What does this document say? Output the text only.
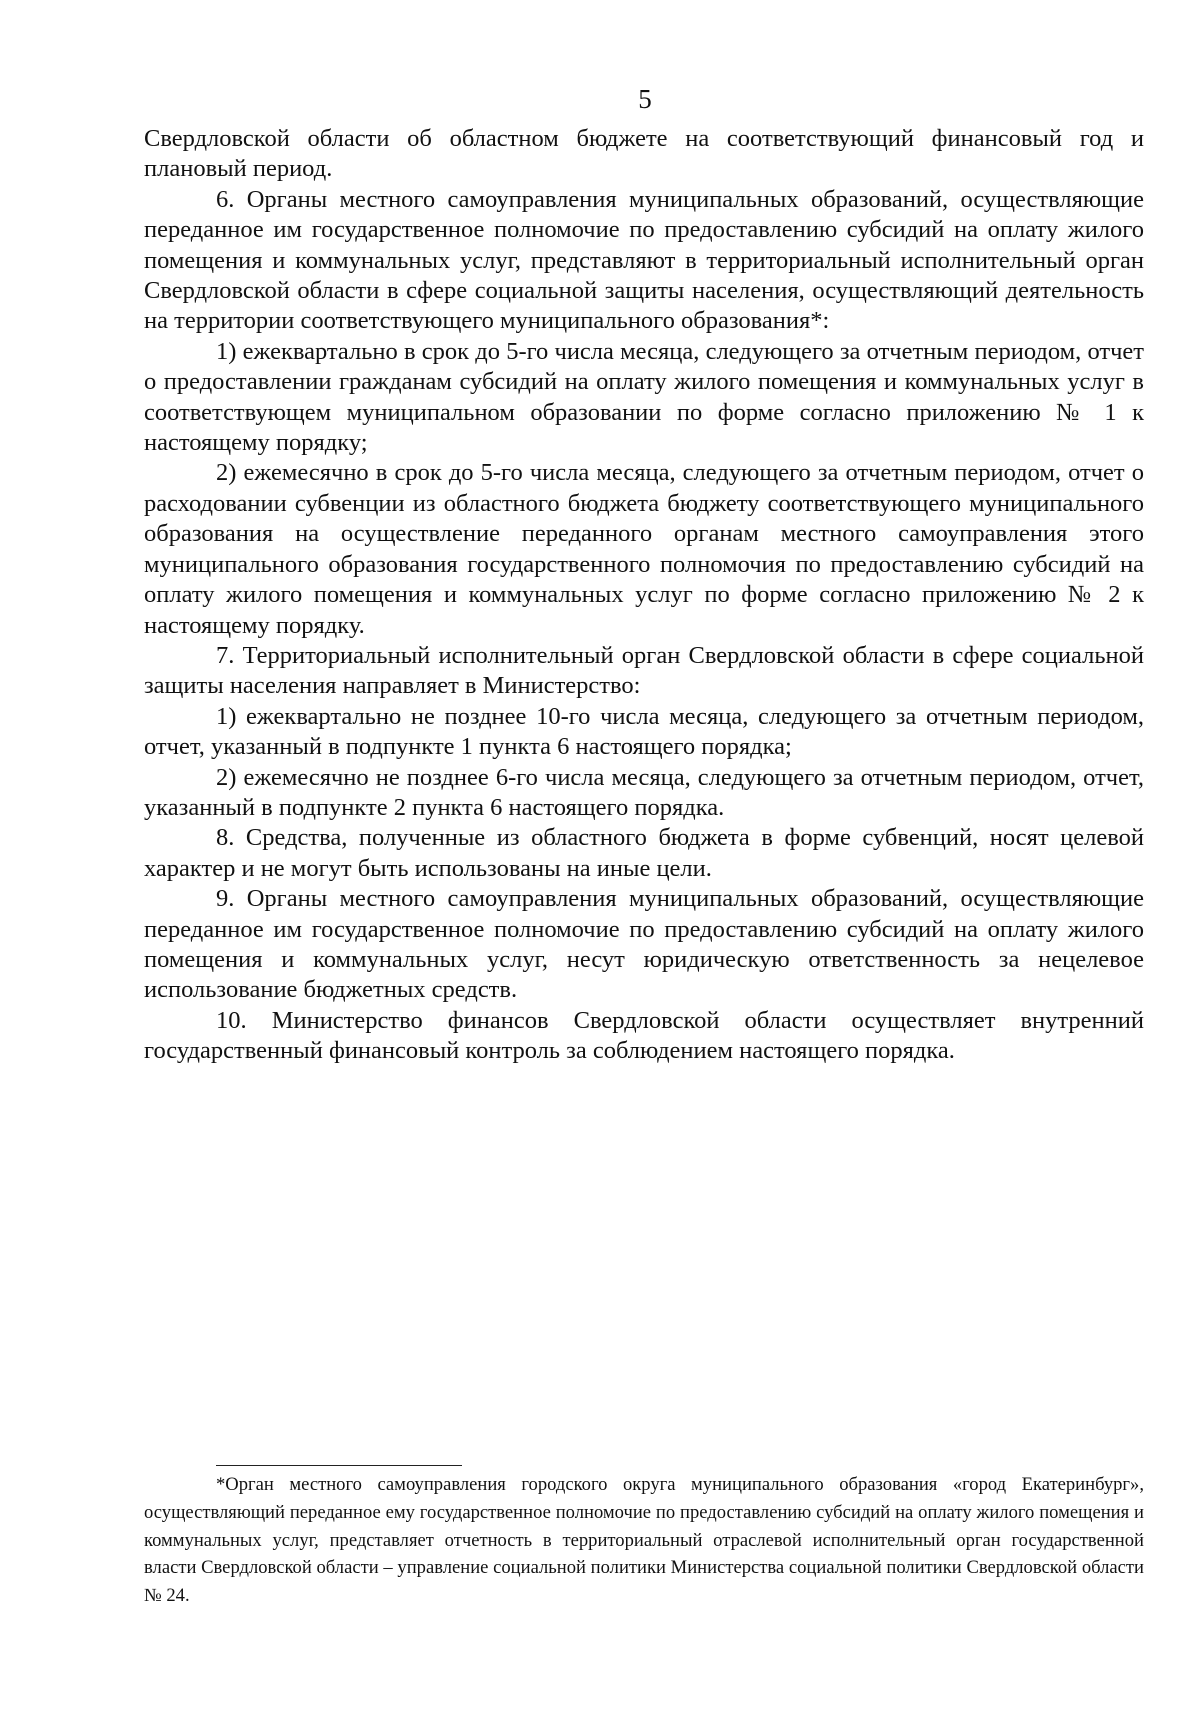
5

Свердловской области об областном бюджете на соответствующий финансовый год и плановый период.

6. Органы местного самоуправления муниципальных образований, осуществляющие переданное им государственное полномочие по предоставлению субсидий на оплату жилого помещения и коммунальных услуг, представляют в территориальный исполнительный орган Свердловской области в сфере социальной защиты населения, осуществляющий деятельность на территории соответствующего муниципального образования*:

1) ежеквартально в срок до 5-го числа месяца, следующего за отчетным периодом, отчет о предоставлении гражданам субсидий на оплату жилого помещения и коммунальных услуг в соответствующем муниципальном образовании по форме согласно приложению № 1 к настоящему порядку;

2) ежемесячно в срок до 5-го числа месяца, следующего за отчетным периодом, отчет о расходовании субвенции из областного бюджета бюджету соответствующего муниципального образования на осуществление переданного органам местного самоуправления этого муниципального образования государственного полномочия по предоставлению субсидий на оплату жилого помещения и коммунальных услуг по форме согласно приложению № 2 к настоящему порядку.

7. Территориальный исполнительный орган Свердловской области в сфере социальной защиты населения направляет в Министерство:

1) ежеквартально не позднее 10-го числа месяца, следующего за отчетным периодом, отчет, указанный в подпункте 1 пункта 6 настоящего порядка;

2) ежемесячно не позднее 6-го числа месяца, следующего за отчетным периодом, отчет, указанный в подпункте 2 пункта 6 настоящего порядка.

8. Средства, полученные из областного бюджета в форме субвенций, носят целевой характер и не могут быть использованы на иные цели.

9. Органы местного самоуправления муниципальных образований, осуществляющие переданное им государственное полномочие по предоставлению субсидий на оплату жилого помещения и коммунальных услуг, несут юридическую ответственность за нецелевое использование бюджетных средств.

10. Министерство финансов Свердловской области осуществляет внутренний государственный финансовый контроль за соблюдением настоящего порядка.

*Орган местного самоуправления городского округа муниципального образования «город Екатеринбург», осуществляющий переданное ему государственное полномочие по предоставлению субсидий на оплату жилого помещения и коммунальных услуг, представляет отчетность в территориальный отраслевой исполнительный орган государственной власти Свердловской области – управление социальной политики Министерства социальной политики Свердловской области № 24.
